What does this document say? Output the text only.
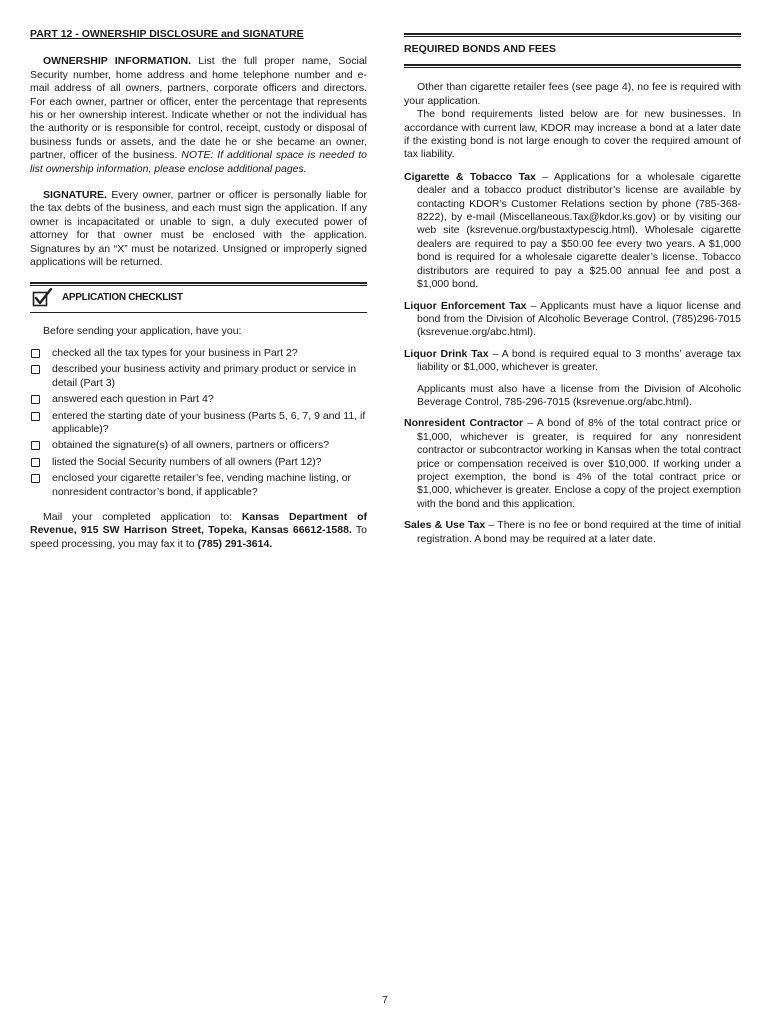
PART 12 - OWNERSHIP DISCLOSURE and SIGNATURE

OWNERSHIP INFORMATION. List the full proper name, Social Security number, home address and home telephone number and e-mail address of all owners, partners, corporate officers and directors. For each owner, partner or officer, enter the percentage that represents his or her ownership interest. Indicate whether or not the individual has the authority or is responsible for control, receipt, custody or disposal of business funds or assets, and the date he or she became an owner, partner, officer of the business. NOTE: If additional space is needed to list ownership information, please enclose additional pages.

SIGNATURE. Every owner, partner or officer is personally liable for the tax debts of the business, and each must sign the application. If any owner is incapacitated or unable to sign, a duly executed power of attorney for that owner must be enclosed with the application. Signatures by an “X” must be notarized. Unsigned or improperly signed applications will be returned.

APPLICATION CHECKLIST

Before sending your application, have you:

checked all the tax types for your business in Part 2?
described your business activity and primary product or service in detail (Part 3)
answered each question in Part 4?
entered the starting date of your business (Parts 5, 6, 7, 9 and 11, if applicable)?
obtained the signature(s) of all owners, partners or officers?
listed the Social Security numbers of all owners (Part 12)?
enclosed your cigarette retailer’s fee, vending machine listing, or nonresident contractor’s bond, if applicable?

Mail your completed application to: Kansas Department of Revenue, 915 SW Harrison Street, Topeka, Kansas 66612-1588. To speed processing, you may fax it to (785) 291-3614.

REQUIRED BONDS AND FEES

Other than cigarette retailer fees (see page 4), no fee is required with your application.

The bond requirements listed below are for new businesses. In accordance with current law, KDOR may increase a bond at a later date if the existing bond is not large enough to cover the required amount of tax liability.

Cigarette & Tobacco Tax – Applications for a wholesale cigarette dealer and a tobacco product distributor’s license are available by contacting KDOR’s Customer Relations section by phone (785-368-8222), by e-mail (Miscellaneous.Tax@kdor.ks.gov) or by visiting our web site (ksrevenue.org/bustaxtypescig.html). Wholesale cigarette dealers are required to pay a $50.00 fee every two years. A $1,000 bond is required for a wholesale cigarette dealer’s license. Tobacco distributors are required to pay a $25.00 annual fee and post a $1,000 bond.

Liquor Enforcement Tax – Applicants must have a liquor license and bond from the Division of Alcoholic Beverage Control, (785)296-7015 (ksrevenue.org/abc.html).

Liquor Drink Tax – A bond is required equal to 3 months’ average tax liability or $1,000, whichever is greater.

Applicants must also have a license from the Division of Alcoholic Beverage Control, 785-296-7015 (ksrevenue.org/abc.html).

Nonresident Contractor – A bond of 8% of the total contract price or $1,000, whichever is greater, is required for any nonresident contractor or subcontractor working in Kansas when the total contract price or compensation received is over $10,000. If working under a project exemption, the bond is 4% of the total contract price or $1,000, whichever is greater. Enclose a copy of the project exemption with the bond and this application.

Sales & Use Tax – There is no fee or bond required at the time of initial registration. A bond may be required at a later date.

7
